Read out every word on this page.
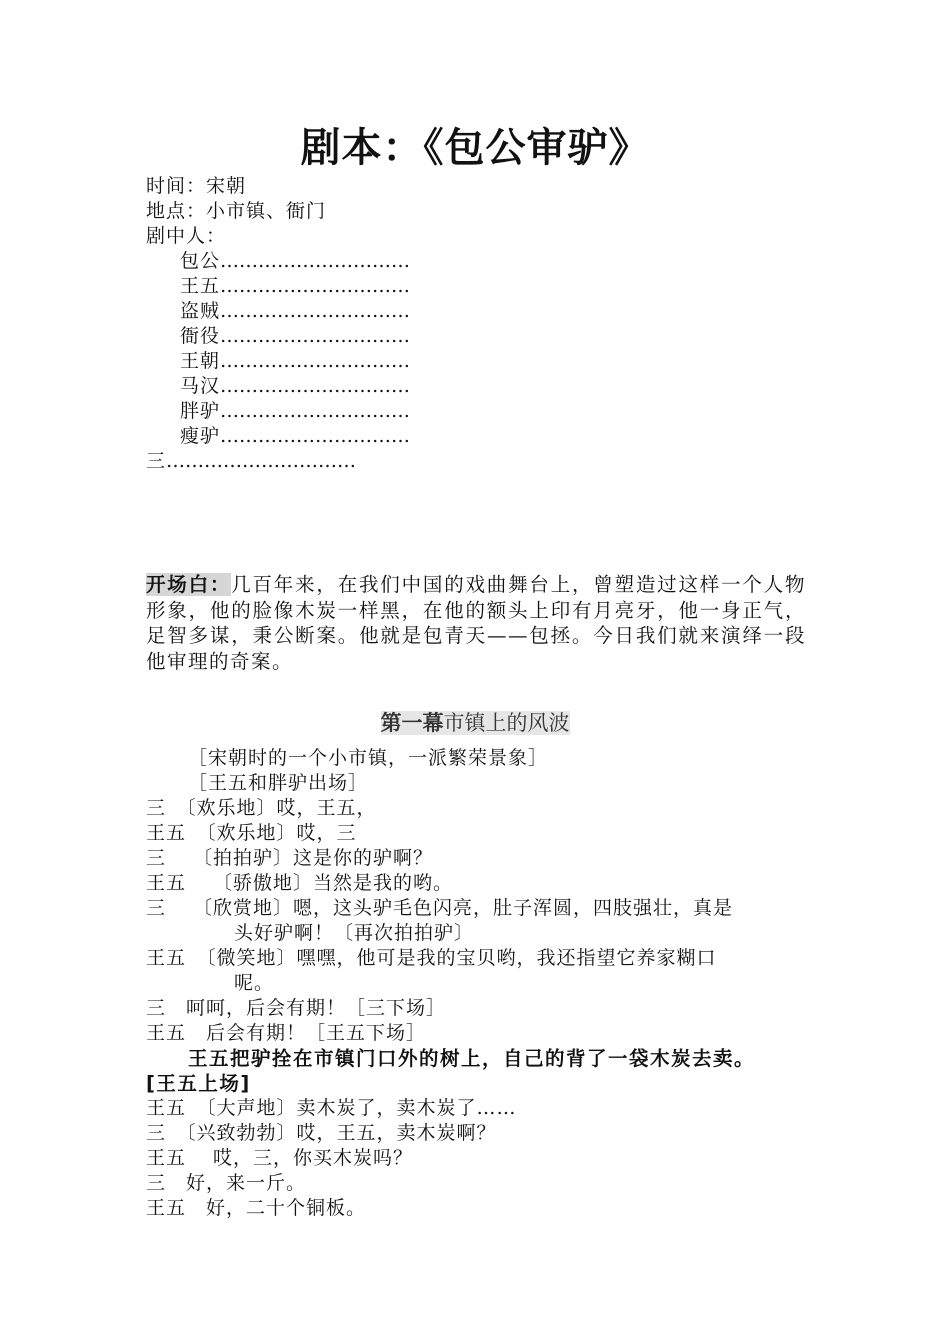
剧本：《包公审驴》
时间：宋朝
地点：小市镇、衙门
剧中人：
包公…………………………
王五…………………………
盗贼…………………………
衙役…………………………
王朝…………………………
马汉…………………………
胖驴…………………………
瘦驴…………………………
三…………………………
开场白：几百年来，在我们中国的戏曲舞台上，曾塑造过这样一个人物形象，他的脸像木炭一样黑，在他的额头上印有月亮牙，他一身正气，足智多谋，秉公断案。他就是包青天——包拯。今日我们就来演绎一段他审理的奇案。
第一幕市镇上的风波
［宋朝时的一个小市镇，一派繁荣景象］
［王五和胖驴出场］
三　〔欢乐地〕哎，王五，
王五　〔欢乐地〕哎，三
三　 〔拍拍驴〕这是你的驴啊？
王五　 〔骄傲地〕当然是我的哟。
三　 〔欣赏地〕嗯，这头驴毛色闪亮，肚子浑圆，四肢强壮，真是
头好驴啊！〔再次拍拍驴〕
王五　〔微笑地〕嘿嘿，他可是我的宝贝哟，我还指望它养家糊口
呢。
三　呵呵，后会有期！［三下场］
王五　后会有期！［王五下场］
王五把驴拴在市镇门口外的树上，自己的背了一袋木炭去卖。
[王五上场]
王五　〔大声地〕卖木炭了，卖木炭了……
三　〔兴致勃勃〕哎，王五，卖木炭啊？
王五　 哎，三，你买木炭吗？
三　好，来一斤。
王五　好，二十个铜板。
